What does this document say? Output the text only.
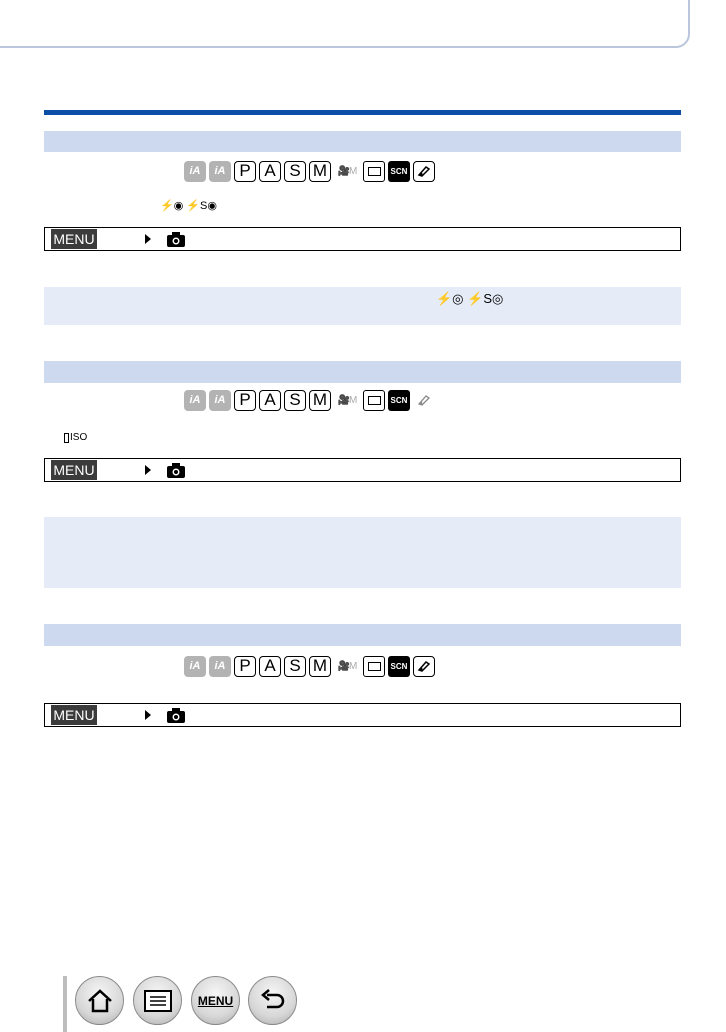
iA	iA P A S M	🎥M	SCN
⚡◉ ⚡S◉
MENU
⚡◎ ⚡S◎
iA	iA P A S M	🎥M	SCN
ISO
MENU
iA	iA P A S M	🎥M	SCN
MENU
MENU
